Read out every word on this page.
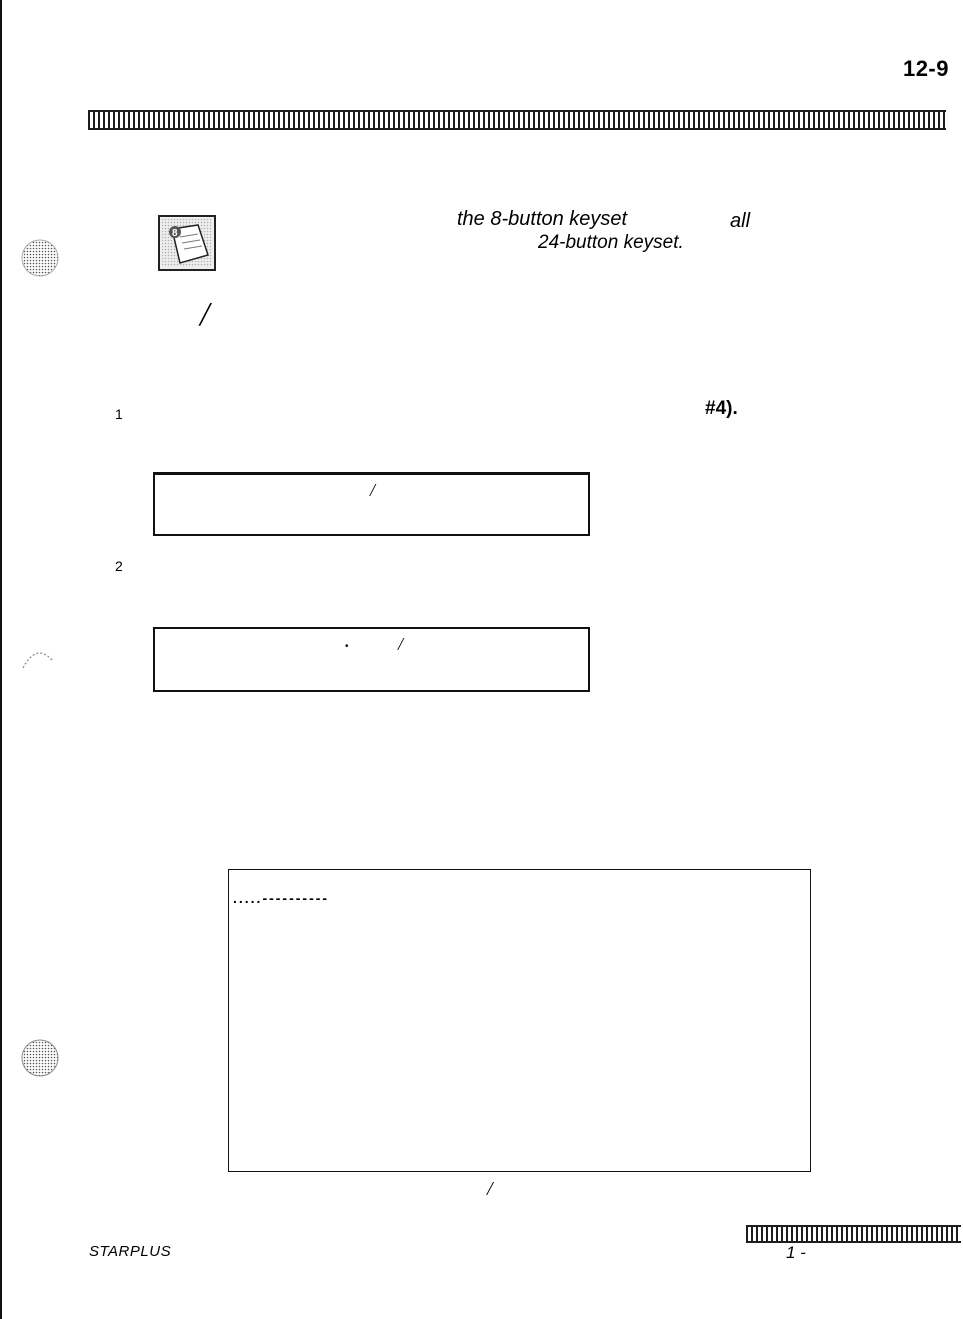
12-9
8
the 8-button keyset	all
24-button keyset.
/
1	#4).
/
2
•	/
.....----------
/
STARPLUS	1 -
